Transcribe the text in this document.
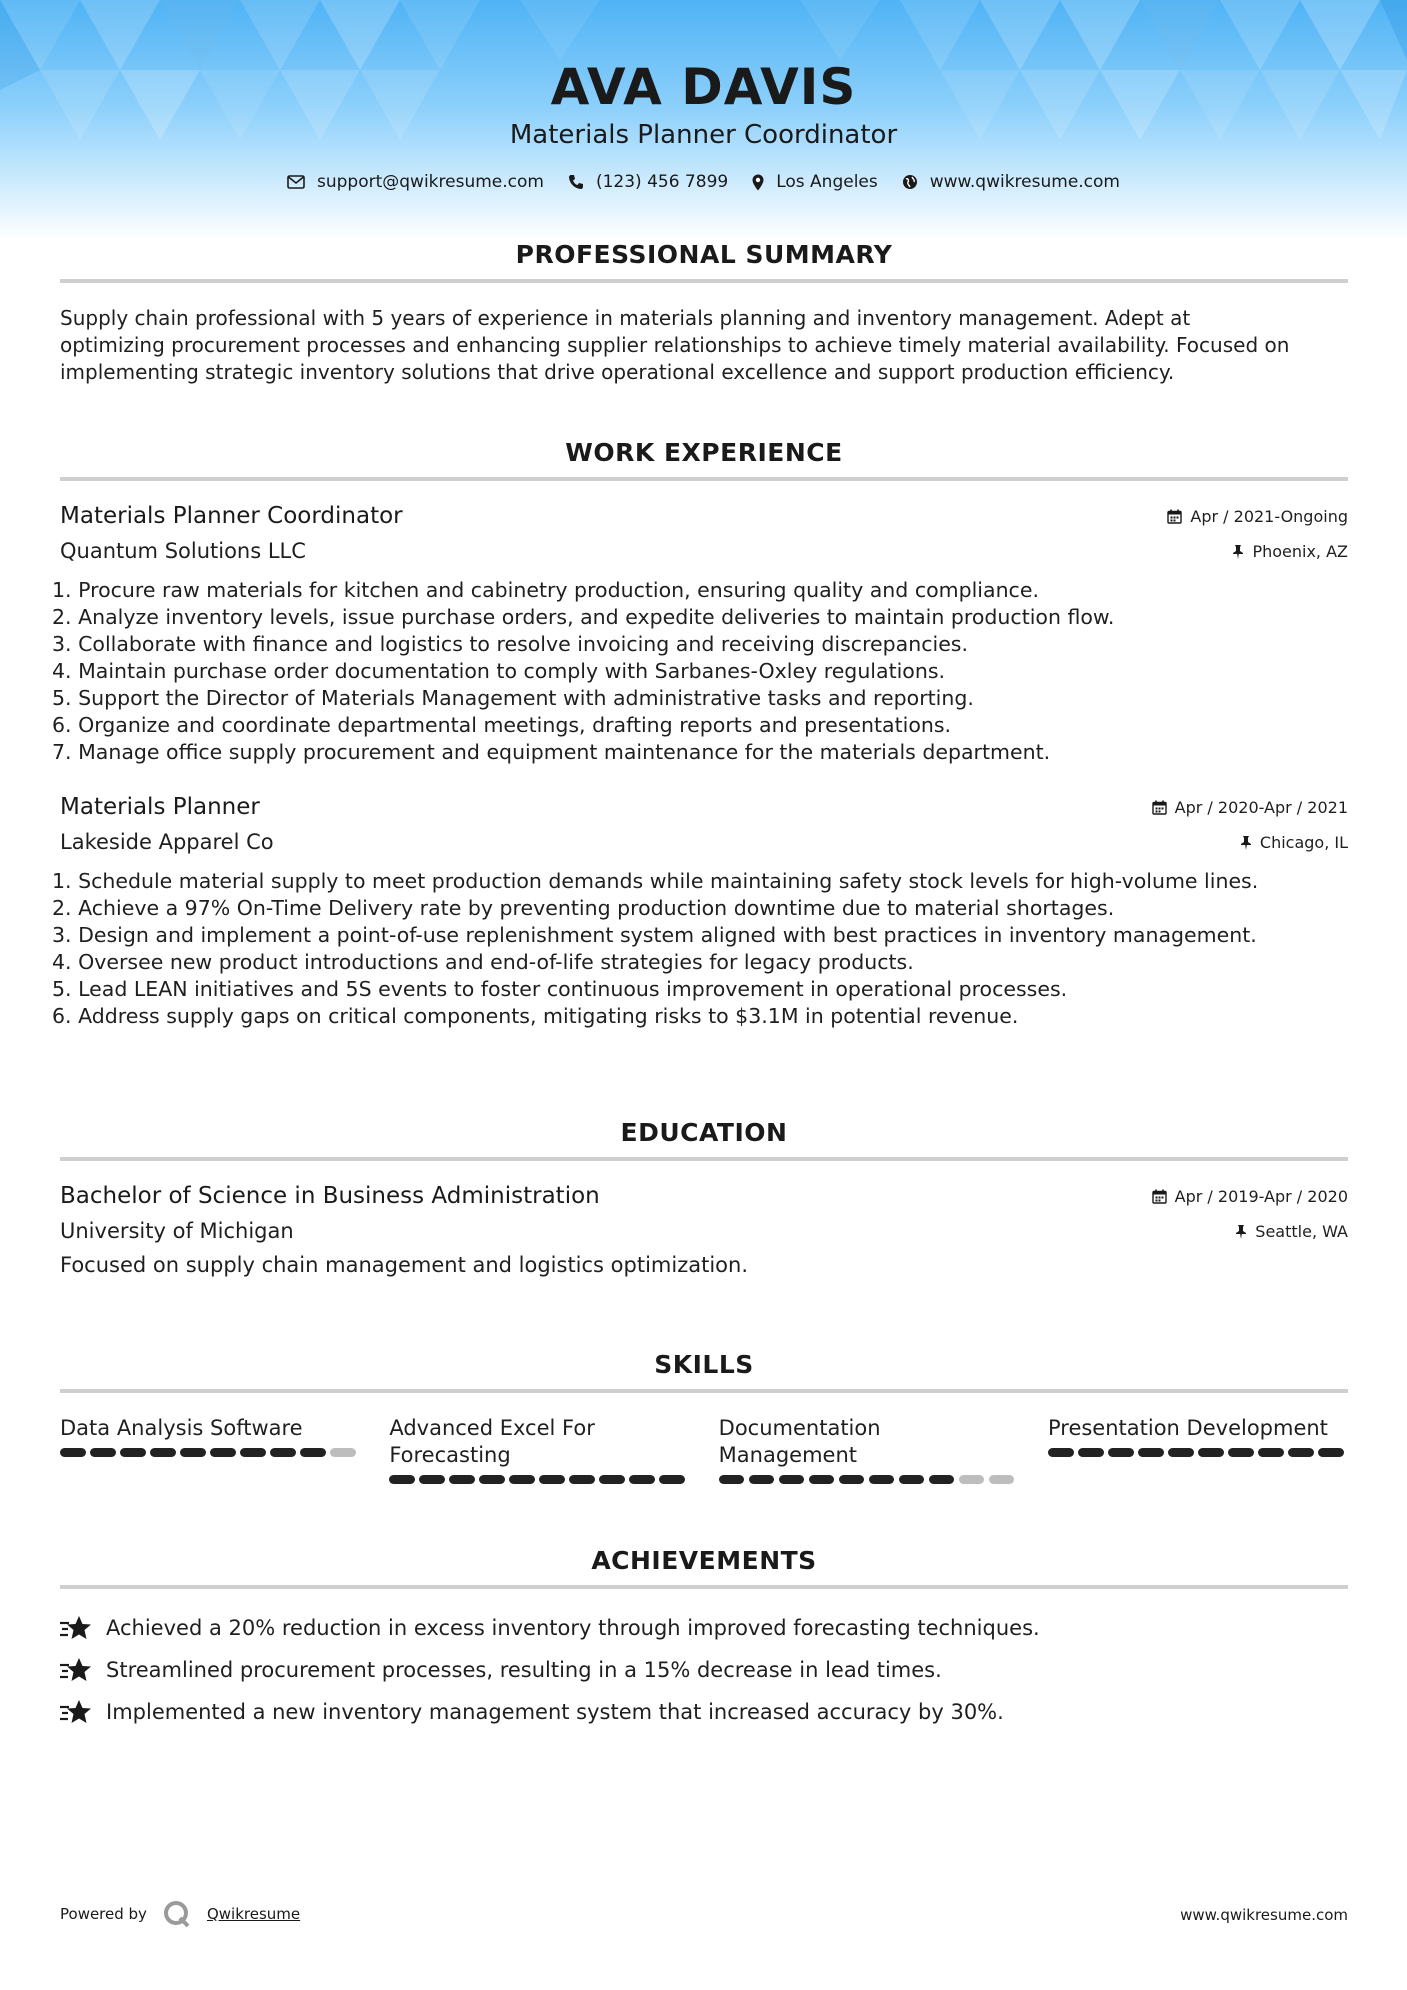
AVA DAVIS
Materials Planner Coordinator
support@qwikresume.com	(123) 456 7899	Los Angeles	www.qwikresume.com
PROFESSIONAL SUMMARY
Supply chain professional with 5 years of experience in materials planning and inventory management. Adept at
optimizing procurement processes and enhancing supplier relationships to achieve timely material availability. Focused on
implementing strategic inventory solutions that drive operational excellence and support production efficiency.
WORK EXPERIENCE
Materials Planner Coordinator	Apr / 2021-Ongoing
Quantum Solutions LLC	Phoenix, AZ
Procure raw materials for kitchen and cabinetry production, ensuring quality and compliance.
Analyze inventory levels, issue purchase orders, and expedite deliveries to maintain production flow.
Collaborate with finance and logistics to resolve invoicing and receiving discrepancies.
Maintain purchase order documentation to comply with Sarbanes-Oxley regulations.
Support the Director of Materials Management with administrative tasks and reporting.
Organize and coordinate departmental meetings, drafting reports and presentations.
Manage office supply procurement and equipment maintenance for the materials department.
Materials Planner	Apr / 2020-Apr / 2021
Lakeside Apparel Co	Chicago, IL
Schedule material supply to meet production demands while maintaining safety stock levels for high-volume lines.
Achieve a 97% On-Time Delivery rate by preventing production downtime due to material shortages.
Design and implement a point-of-use replenishment system aligned with best practices in inventory management.
Oversee new product introductions and end-of-life strategies for legacy products.
Lead LEAN initiatives and 5S events to foster continuous improvement in operational processes.
Address supply gaps on critical components, mitigating risks to $3.1M in potential revenue.
EDUCATION
Bachelor of Science in Business Administration	Apr / 2019-Apr / 2020
University of Michigan	Seattle, WA
Focused on supply chain management and logistics optimization.
SKILLS
Data Analysis Software	Advanced Excel For Forecasting
Documentation Management
Presentation Development
ACHIEVEMENTS
Achieved a 20% reduction in excess inventory through improved forecasting techniques.
Streamlined procurement processes, resulting in a 15% decrease in lead times.
Implemented a new inventory management system that increased accuracy by 30%.
Powered by	Qwikresume	www.qwikresume.com
